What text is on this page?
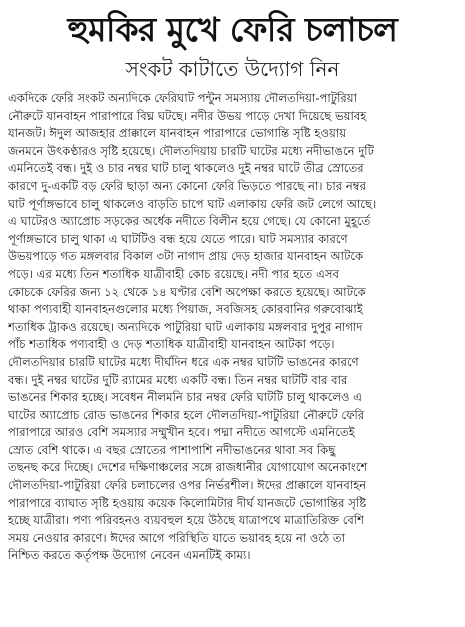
হুমকির মুখে ফেরি চলাচল
সংকট কাটাতে উদ্যোগ নিন
একদিকে ফেরি সংকট অন্যদিকে ফেরিঘাট পন্টুন সমস্যায় দৌলতদিয়া-পাটুরিয়া
নৌরুটে যানবাহন পারাপারে বিঘ্ন ঘটছে। নদীর উভয় পাড়ে দেখা দিয়েছে ভয়াবহ
যানজট। ঈদুল আজহার প্রাক্কালে যানবাহন পারাপারে ভোগান্তি সৃষ্টি হওয়ায়
জনমনে উৎকণ্ঠারও সৃষ্টি হয়েছে। দৌলতদিয়ায় চারটি ঘাটের মধ্যে নদীভাঙনে দুটি
এমনিতেই বন্ধ। দুই ও চার নম্বর ঘাট চালু থাকলেও দুই নম্বর ঘাটে তীব্র স্রোতের
কারণে দু-একটি বড় ফেরি ছাড়া অন্য কোনো ফেরি ভিড়তে পারছে না। চার নম্বর
ঘাট পূর্ণাঙ্গভাবে চালু থাকলেও বাড়তি চাপে ঘাট এলাকায় ফেরি জট লেগে আছে।
এ ঘাটেরও অ্যাপ্রোচ সড়কের অর্ধেক নদীতে বিলীন হয়ে গেছে। যে কোনো মুহূর্তে
পূর্ণাঙ্গভাবে চালু থাকা এ ঘাটটিও বন্ধ হয়ে যেতে পারে। ঘাট সমস্যার কারণে
উভয়পাড়ে গত মঙ্গলবার বিকাল ৩টা নাগাদ প্রায় দেড় হাজার যানবাহন আটকে
পড়ে। এর মধ্যে তিন শতাধিক যাত্রীবাহী কোচ রয়েছে। নদী পার হতে এসব
কোচকে ফেরির জন্য ১২ থেকে ১৪ ঘণ্টার বেশি অপেক্ষা করতে হয়েছে। আটকে
থাকা পণ্যবাহী যানবাহনগুলোর মধ্যে পিয়াজ, সবজিসহ কোরবানির গরুবোঝাই
শতাধিক ট্রাকও রয়েছে। অন্যদিকে পাটুরিয়া ঘাট এলাকায় মঙ্গলবার দুপুর নাগাদ
পাঁচ শতাধিক পণ্যবাহী ও দেড় শতাধিক যাত্রীবাহী যানবাহন আটকা পড়ে।
দৌলতদিয়ার চারটি ঘাটের মধ্যে দীর্ঘদিন ধরে এক নম্বর ঘাটটি ভাঙনের কারণে
বন্ধ। দুই নম্বর ঘাটের দুটি র‌্যামের মধ্যে একটি বন্ধ। তিন নম্বর ঘাটটি বার বার
ভাঙনের শিকার হচ্ছে। সবেধন নীলমনি চার নম্বর ফেরি ঘাটটি চালু থাকলেও এ
ঘাটের অ্যাপ্রোচ রোড ভাঙনের শিকার হলে দৌলতদিয়া-পাটুরিয়া নৌরুটে ফেরি
পারাপারে আরও বেশি সমস্যার সম্মুখীন হবে। পদ্মা নদীতে আগস্টে এমনিতেই
স্রোত বেশি থাকে। এ বছর স্রোতের পাশাপাশি নদীভাঙনের থাবা সব কিছু
তছনছ করে দিচ্ছে। দেশের দক্ষিণাঞ্চলের সঙ্গে রাজধানীর যোগাযোগ অনেকাংশে
দৌলতদিয়া-পাটুরিয়া ফেরি চলাচলের ওপর নির্ভরশীল। ঈদের প্রাক্কালে যানবাহন
পারাপারে ব্যাঘাত সৃষ্টি হওয়ায় কয়েক কিলোমিটার দীর্ঘ যানজটে ভোগান্তির সৃষ্টি
হচ্ছে যাত্রীরা। পণ্য পরিবহনও ব্যয়বহুল হয়ে উঠছে যাত্রাপথে মাত্রাতিরিক্ত বেশি
সময় নেওয়ার কারণে। ঈদের আগে পরিস্থিতি যাতে ভয়াবহ হয়ে না ওঠে তা
নিশ্চিত করতে কর্তৃপক্ষ উদ্যোগ নেবেন এমনটিই কাম্য।
